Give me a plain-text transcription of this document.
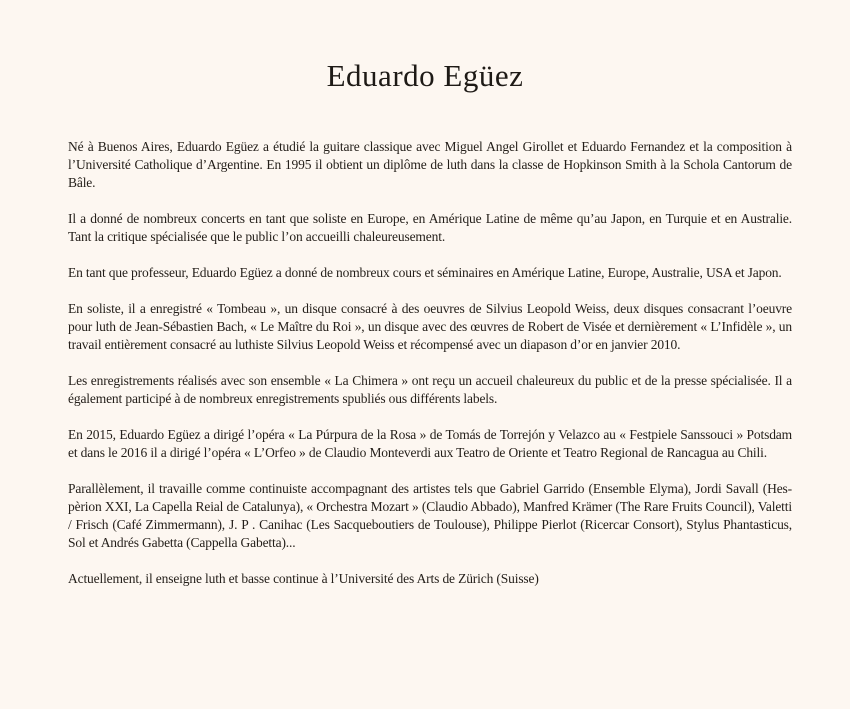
Eduardo Egüez

Né à Buenos Aires, Eduardo Egüez a étudié la guitare classique avec Miguel Angel Girollet et Eduardo Fernandez et la composition à l’Université Catholique d’Argentine. En 1995 il obtient un diplôme de luth dans la classe de Hopkinson Smith à la Schola Cantorum de Bâle.

Il a donné de nombreux concerts en tant que soliste en Europe, en Amérique Latine de même qu’au Japon, en Turquie et en Australie. Tant la critique spécialisée que le public l’on accueilli chaleureusement.

En tant que professeur, Eduardo Egüez a donné de nombreux cours et séminaires en Amérique Latine, Europe, Australie, USA et Japon.

En soliste, il a enregistré « Tombeau », un disque consacré à des oeuvres de Silvius Leopold Weiss, deux disques consacrant l’oeuvre pour luth de Jean-Sébastien Bach, « Le Maître du Roi », un disque avec des œuvres de Robert de Visée et dernièrement « L’Infidèle », un travail entièrement consacré au luthiste Silvius Leopold Weiss et récompensé avec un diapason d’or en janvier 2010.

Les enregistrements réalisés avec son ensemble « La Chimera » ont reçu un accueil chaleureux du public et de la presse spécialisée. Il a également participé à de nombreux enregistrements spubliés ous différents labels.

En 2015, Eduardo Egüez a dirigé l’opéra « La Púrpura de la Rosa » de Tomás de Torrejón y Velazco au « Festpiele Sanssouci » Potsdam et dans le 2016 il a dirigé l’opéra « L’Orfeo » de Claudio Monteverdi aux Teatro de Oriente et Teatro Regional de Rancagua au Chili.

Parallèlement, il travaille comme continuiste accompagnant des artistes tels que Gabriel Garrido (Ensemble Elyma), Jordi Savall (Hes-pèrion XXI, La Capella Reial de Catalunya), « Orchestra Mozart » (Claudio Abbado), Manfred Krämer (The Rare Fruits Council), Valetti / Frisch (Café Zimmermann), J. P . Canihac (Les Sacqueboutiers de Toulouse), Philippe Pierlot (Ricercar Consort), Stylus Phantasticus, Sol et Andrés Gabetta (Cappella Gabetta)...

Actuellement, il enseigne luth et basse continue à l’Université des Arts de Zürich (Suisse)
